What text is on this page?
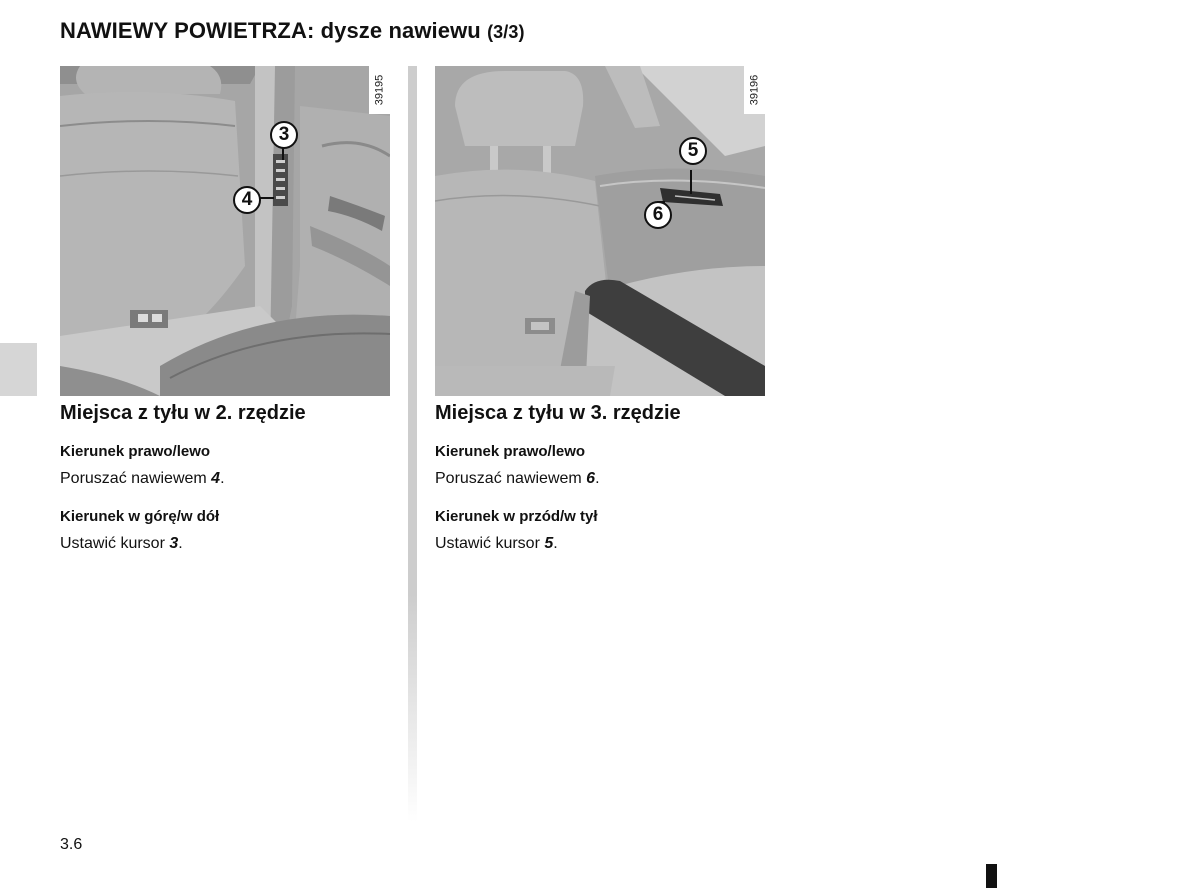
NAWIEWY POWIETRZA: dysze nawiewu (3/3)
3
4
39195
5
6
39196

Miejsca z tyłu w 2. rzędzie

Kierunek prawo/lewo

Poruszać nawiewem 4.

Kierunek w górę/w dół

Ustawić kursor 3.

Miejsca z tyłu w 3. rzędzie

Kierunek prawo/lewo

Poruszać nawiewem 6.

Kierunek w przód/w tył

Ustawić kursor 5.

3.6
